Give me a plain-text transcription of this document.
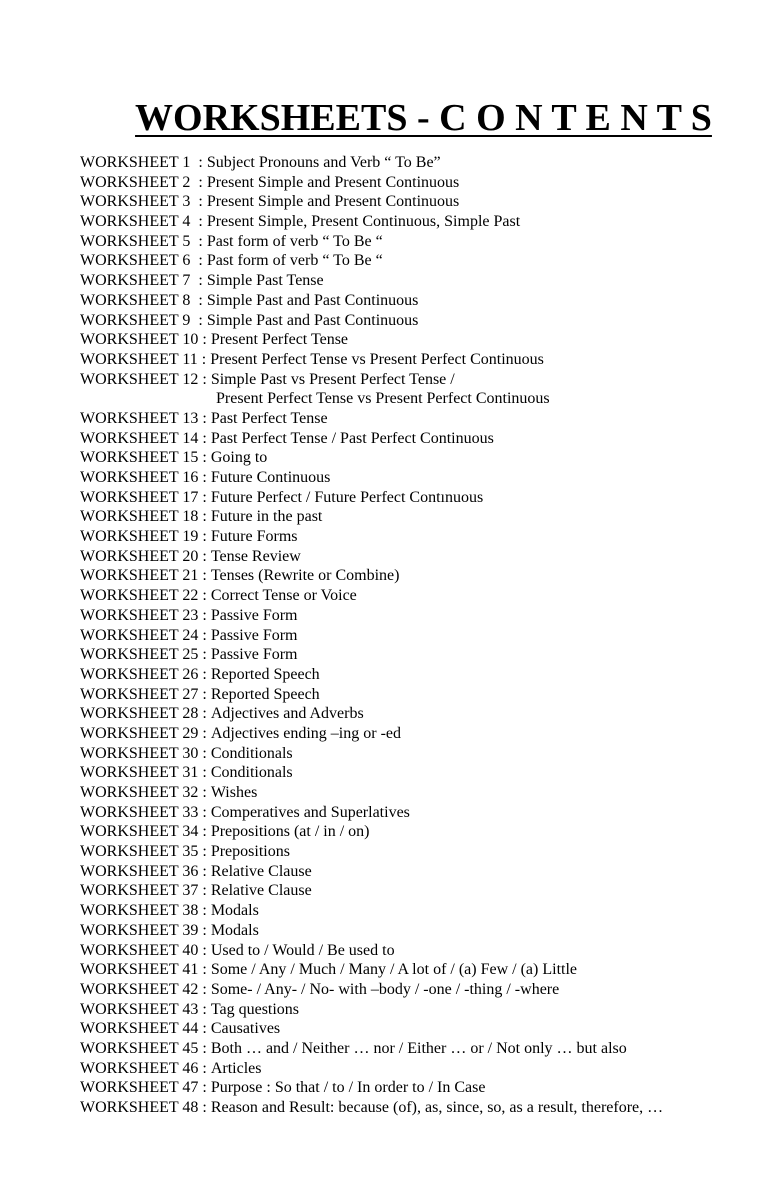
WORKSHEETS - C O N T E N T S
WORKSHEET 1 : Subject Pronouns and Verb “ To Be”
WORKSHEET 2 : Present Simple and Present Continuous
WORKSHEET 3 : Present Simple and Present Continuous
WORKSHEET 4 : Present Simple, Present Continuous, Simple Past
WORKSHEET 5 : Past form of verb “ To Be “
WORKSHEET 6 : Past form of verb “ To Be “
WORKSHEET 7 : Simple Past Tense
WORKSHEET 8 : Simple Past and Past Continuous
WORKSHEET 9 : Simple Past and Past Continuous
WORKSHEET 10 : Present Perfect Tense
WORKSHEET 11 : Present Perfect Tense vs Present Perfect Continuous
WORKSHEET 12 : Simple Past vs Present Perfect Tense /
Present Perfect Tense vs Present Perfect Continuous
WORKSHEET 13 : Past Perfect Tense
WORKSHEET 14 : Past Perfect Tense / Past Perfect Continuous
WORKSHEET 15 : Going to
WORKSHEET 16 : Future Continuous
WORKSHEET 17 : Future Perfect / Future Perfect Contınuous
WORKSHEET 18 : Future in the past
WORKSHEET 19 : Future Forms
WORKSHEET 20 : Tense Review
WORKSHEET 21 : Tenses (Rewrite or Combine)
WORKSHEET 22 : Correct Tense or Voice
WORKSHEET 23 : Passive Form
WORKSHEET 24 : Passive Form
WORKSHEET 25 : Passive Form
WORKSHEET 26 : Reported Speech
WORKSHEET 27 : Reported Speech
WORKSHEET 28 : Adjectives and Adverbs
WORKSHEET 29 : Adjectives ending –ing or -ed
WORKSHEET 30 : Conditionals
WORKSHEET 31 : Conditionals
WORKSHEET 32 : Wishes
WORKSHEET 33 : Comperatives and Superlatives
WORKSHEET 34 : Prepositions (at / in / on)
WORKSHEET 35 : Prepositions
WORKSHEET 36 : Relative Clause
WORKSHEET 37 : Relative Clause
WORKSHEET 38 : Modals
WORKSHEET 39 : Modals
WORKSHEET 40 : Used to / Would / Be used to
WORKSHEET 41 : Some / Any / Much / Many / A lot of / (a) Few / (a) Little
WORKSHEET 42 : Some- / Any- / No- with –body / -one / -thing / -where
WORKSHEET 43 : Tag questions
WORKSHEET 44 : Causatives
WORKSHEET 45 : Both … and / Neither … nor / Either … or / Not only … but also
WORKSHEET 46 : Articles
WORKSHEET 47 : Purpose : So that / to / In order to / In Case
WORKSHEET 48 : Reason and Result: because (of), as, since, so, as a result, therefore, …
